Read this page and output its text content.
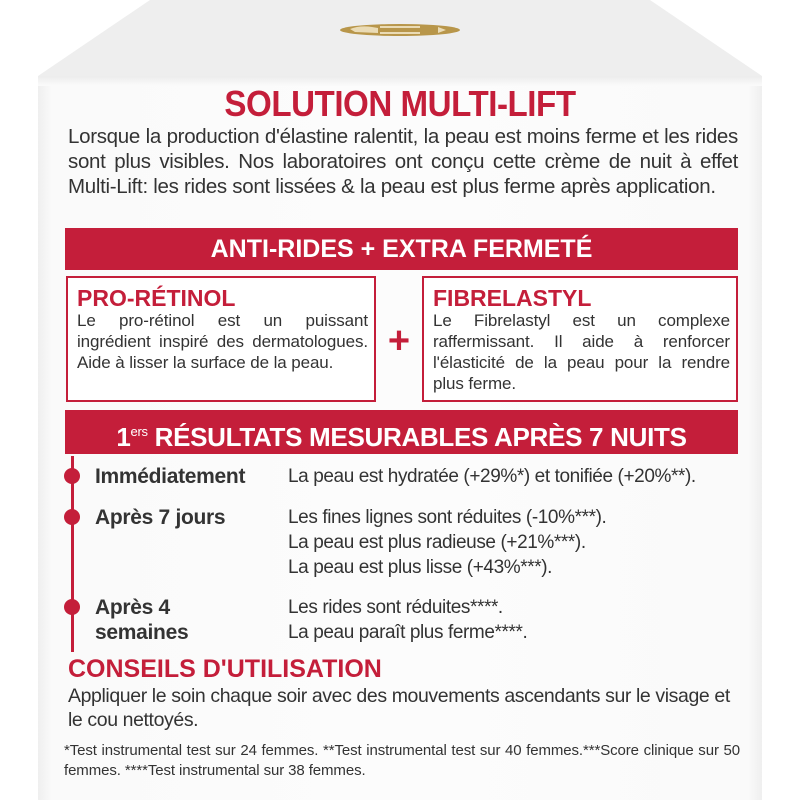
SOLUTION MULTI-LIFT
Lorsque la production d'élastine ralentit, la peau est moins ferme et les rides sont plus visibles. Nos laboratoires ont conçu cette crème de nuit à effet Multi-Lift: les rides sont lissées & la peau est plus ferme après application.
ANTI-RIDES + EXTRA FERMETÉ
PRO-RÉTINOL

Le pro-rétinol est un puissant ingrédient inspiré des dermatologues. Aide à lisser la surface de la peau.

+
FIBRELASTYL

Le Fibrelastyl est un complexe raffermissant. Il aide à renforcer l'élasticité de la peau pour la rendre plus ferme.

1ers RÉSULTATS MESURABLES APRÈS 7 NUITS
Immédiatement La peau est hydratée (+29%*) et tonifiée (+20%**).
Après 7 jours	Les fines lignes sont réduites (-10%***).
La peau est plus radieuse (+21%***).
La peau est plus lisse (+43%***).
Après 4
semaines
Les rides sont réduites****.
La peau paraît plus ferme****.
CONSEILS D'UTILISATION
Appliquer le soin chaque soir avec des mouvements ascendants sur le visage et le cou nettoyés.
*Test instrumental test sur 24 femmes. **Test instrumental test sur 40 femmes.***Score clinique sur 50 femmes. ****Test instrumental sur 38 femmes.
